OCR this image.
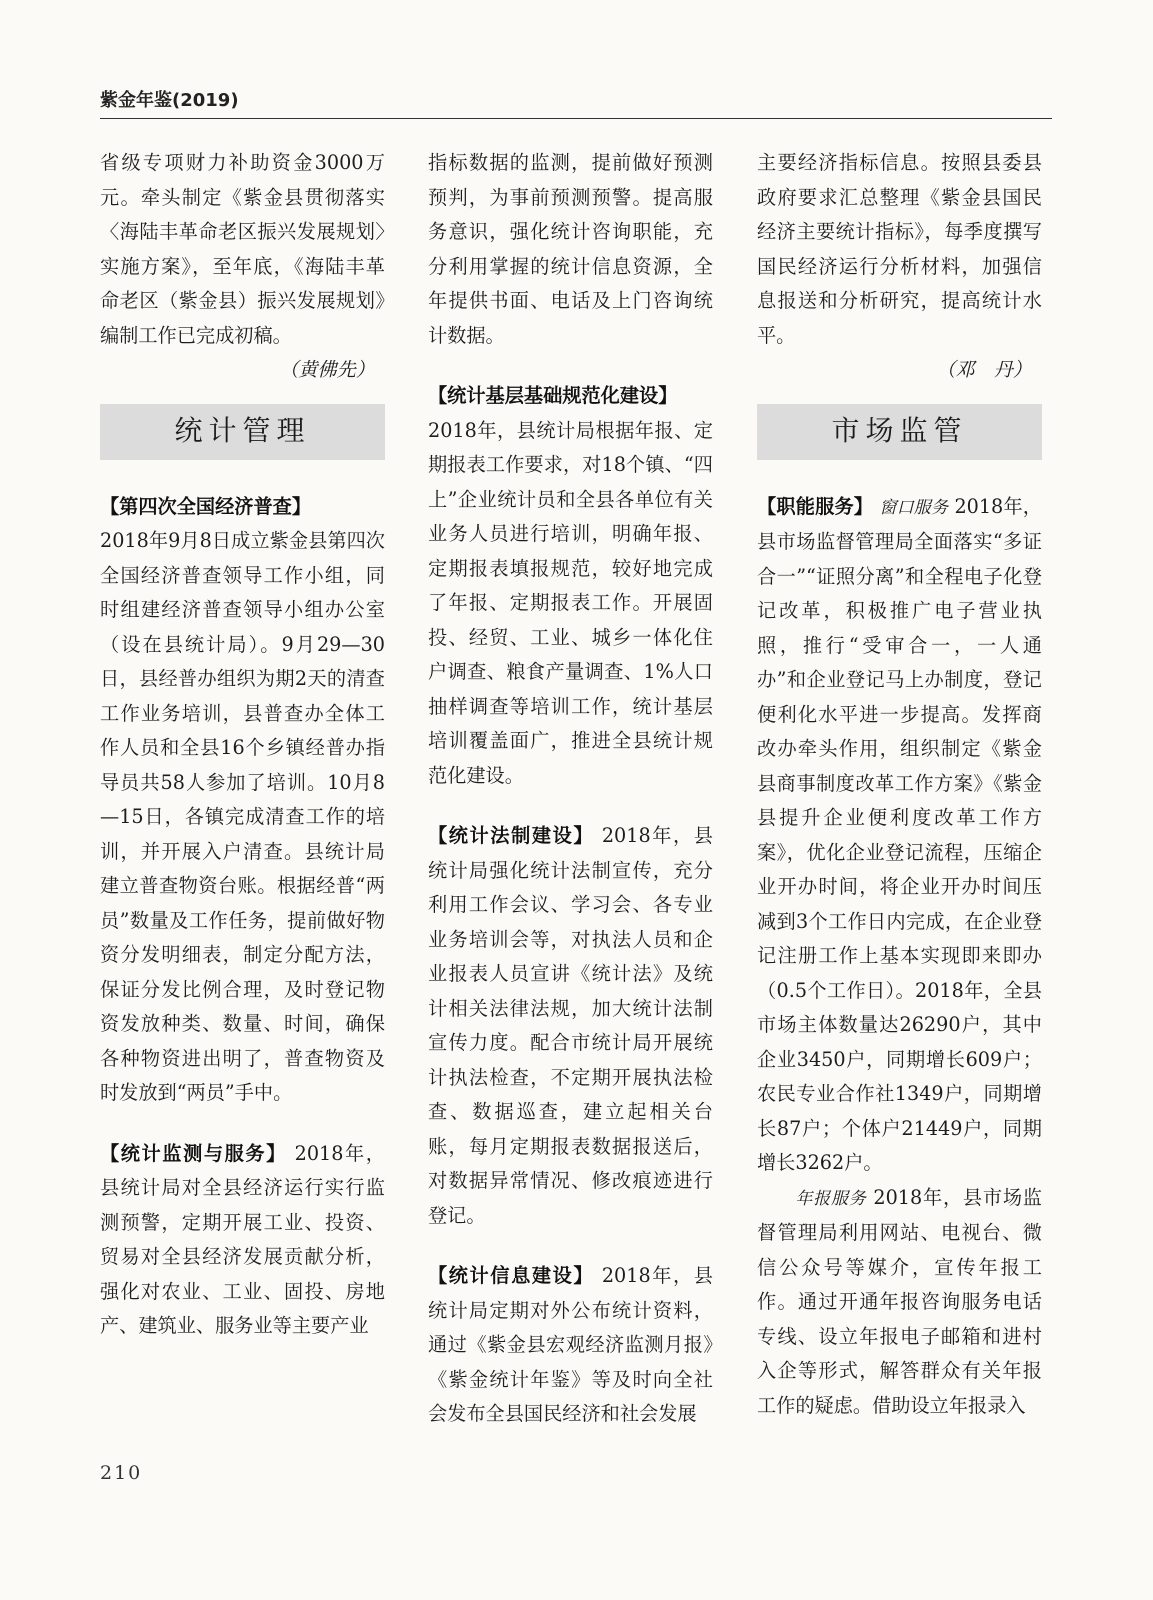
紫金年鉴(2019)

省级专项财力补助资金3000万元。牵头制定《紫金县贯彻落实〈海陆丰革命老区振兴发展规划〉实施方案》，至年底，《海陆丰革命老区（紫金县）振兴发展规划》编制工作已完成初稿。

（黄佛先）

统计管理

【第四次全国经济普查】
2018年9月8日成立紫金县第四次全国经济普查领导工作小组，同时组建经济普查领导小组办公室（设在县统计局）。9月29—30日，县经普办组织为期2天的清查工作业务培训，县普查办全体工作人员和全县16个乡镇经普办指导员共58人参加了培训。10月8—15日，各镇完成清查工作的培训，并开展入户清查。县统计局建立普查物资台账。根据经普“两员”数量及工作任务，提前做好物资分发明细表，制定分配方法，保证分发比例合理，及时登记物资发放种类、数量、时间，确保各种物资进出明了，普查物资及时发放到“两员”手中。

【统计监测与服务】 2018年，县统计局对全县经济运行实行监测预警，定期开展工业、投资、贸易对全县经济发展贡献分析，强化对农业、工业、固投、房地产、建筑业、服务业等主要产业

指标数据的监测，提前做好预测预判，为事前预测预警。提高服务意识，强化统计咨询职能，充分利用掌握的统计信息资源，全年提供书面、电话及上门咨询统计数据。

【统计基层基础规范化建设】
2018年，县统计局根据年报、定期报表工作要求，对18个镇、“四上”企业统计员和全县各单位有关业务人员进行培训，明确年报、定期报表填报规范，较好地完成了年报、定期报表工作。开展固投、经贸、工业、城乡一体化住户调查、粮食产量调查、1%人口抽样调查等培训工作，统计基层培训覆盖面广，推进全县统计规范化建设。

【统计法制建设】 2018年，县统计局强化统计法制宣传，充分利用工作会议、学习会、各专业业务培训会等，对执法人员和企业报表人员宣讲《统计法》及统计相关法律法规，加大统计法制宣传力度。配合市统计局开展统计执法检查，不定期开展执法检查、数据巡查，建立起相关台账，每月定期报表数据报送后，对数据异常情况、修改痕迹进行登记。

【统计信息建设】 2018年，县统计局定期对外公布统计资料，通过《紫金县宏观经济监测月报》《紫金统计年鉴》等及时向全社会发布全县国民经济和社会发展

主要经济指标信息。按照县委县政府要求汇总整理《紫金县国民经济主要统计指标》，每季度撰写国民经济运行分析材料，加强信息报送和分析研究，提高统计水平。

（邓　丹）

市场监管

【职能服务】 窗口服务 2018年，县市场监督管理局全面落实“多证合一”“证照分离”和全程电子化登记改革，积极推广电子营业执照，推行“受审合一，一人通办”和企业登记马上办制度，登记便利化水平进一步提高。发挥商改办牵头作用，组织制定《紫金县商事制度改革工作方案》《紫金县提升企业便利度改革工作方案》，优化企业登记流程，压缩企业开办时间，将企业开办时间压减到3个工作日内完成，在企业登记注册工作上基本实现即来即办（0.5个工作日）。2018年，全县市场主体数量达26290户，其中企业3450户，同期增长609户；农民专业合作社1349户，同期增长87户；个体户21449户，同期增长3262户。

年报服务 2018年，县市场监督管理局利用网站、电视台、微信公众号等媒介，宣传年报工作。通过开通年报咨询服务电话专线、设立年报电子邮箱和进村入企等形式，解答群众有关年报工作的疑虑。借助设立年报录入

210
